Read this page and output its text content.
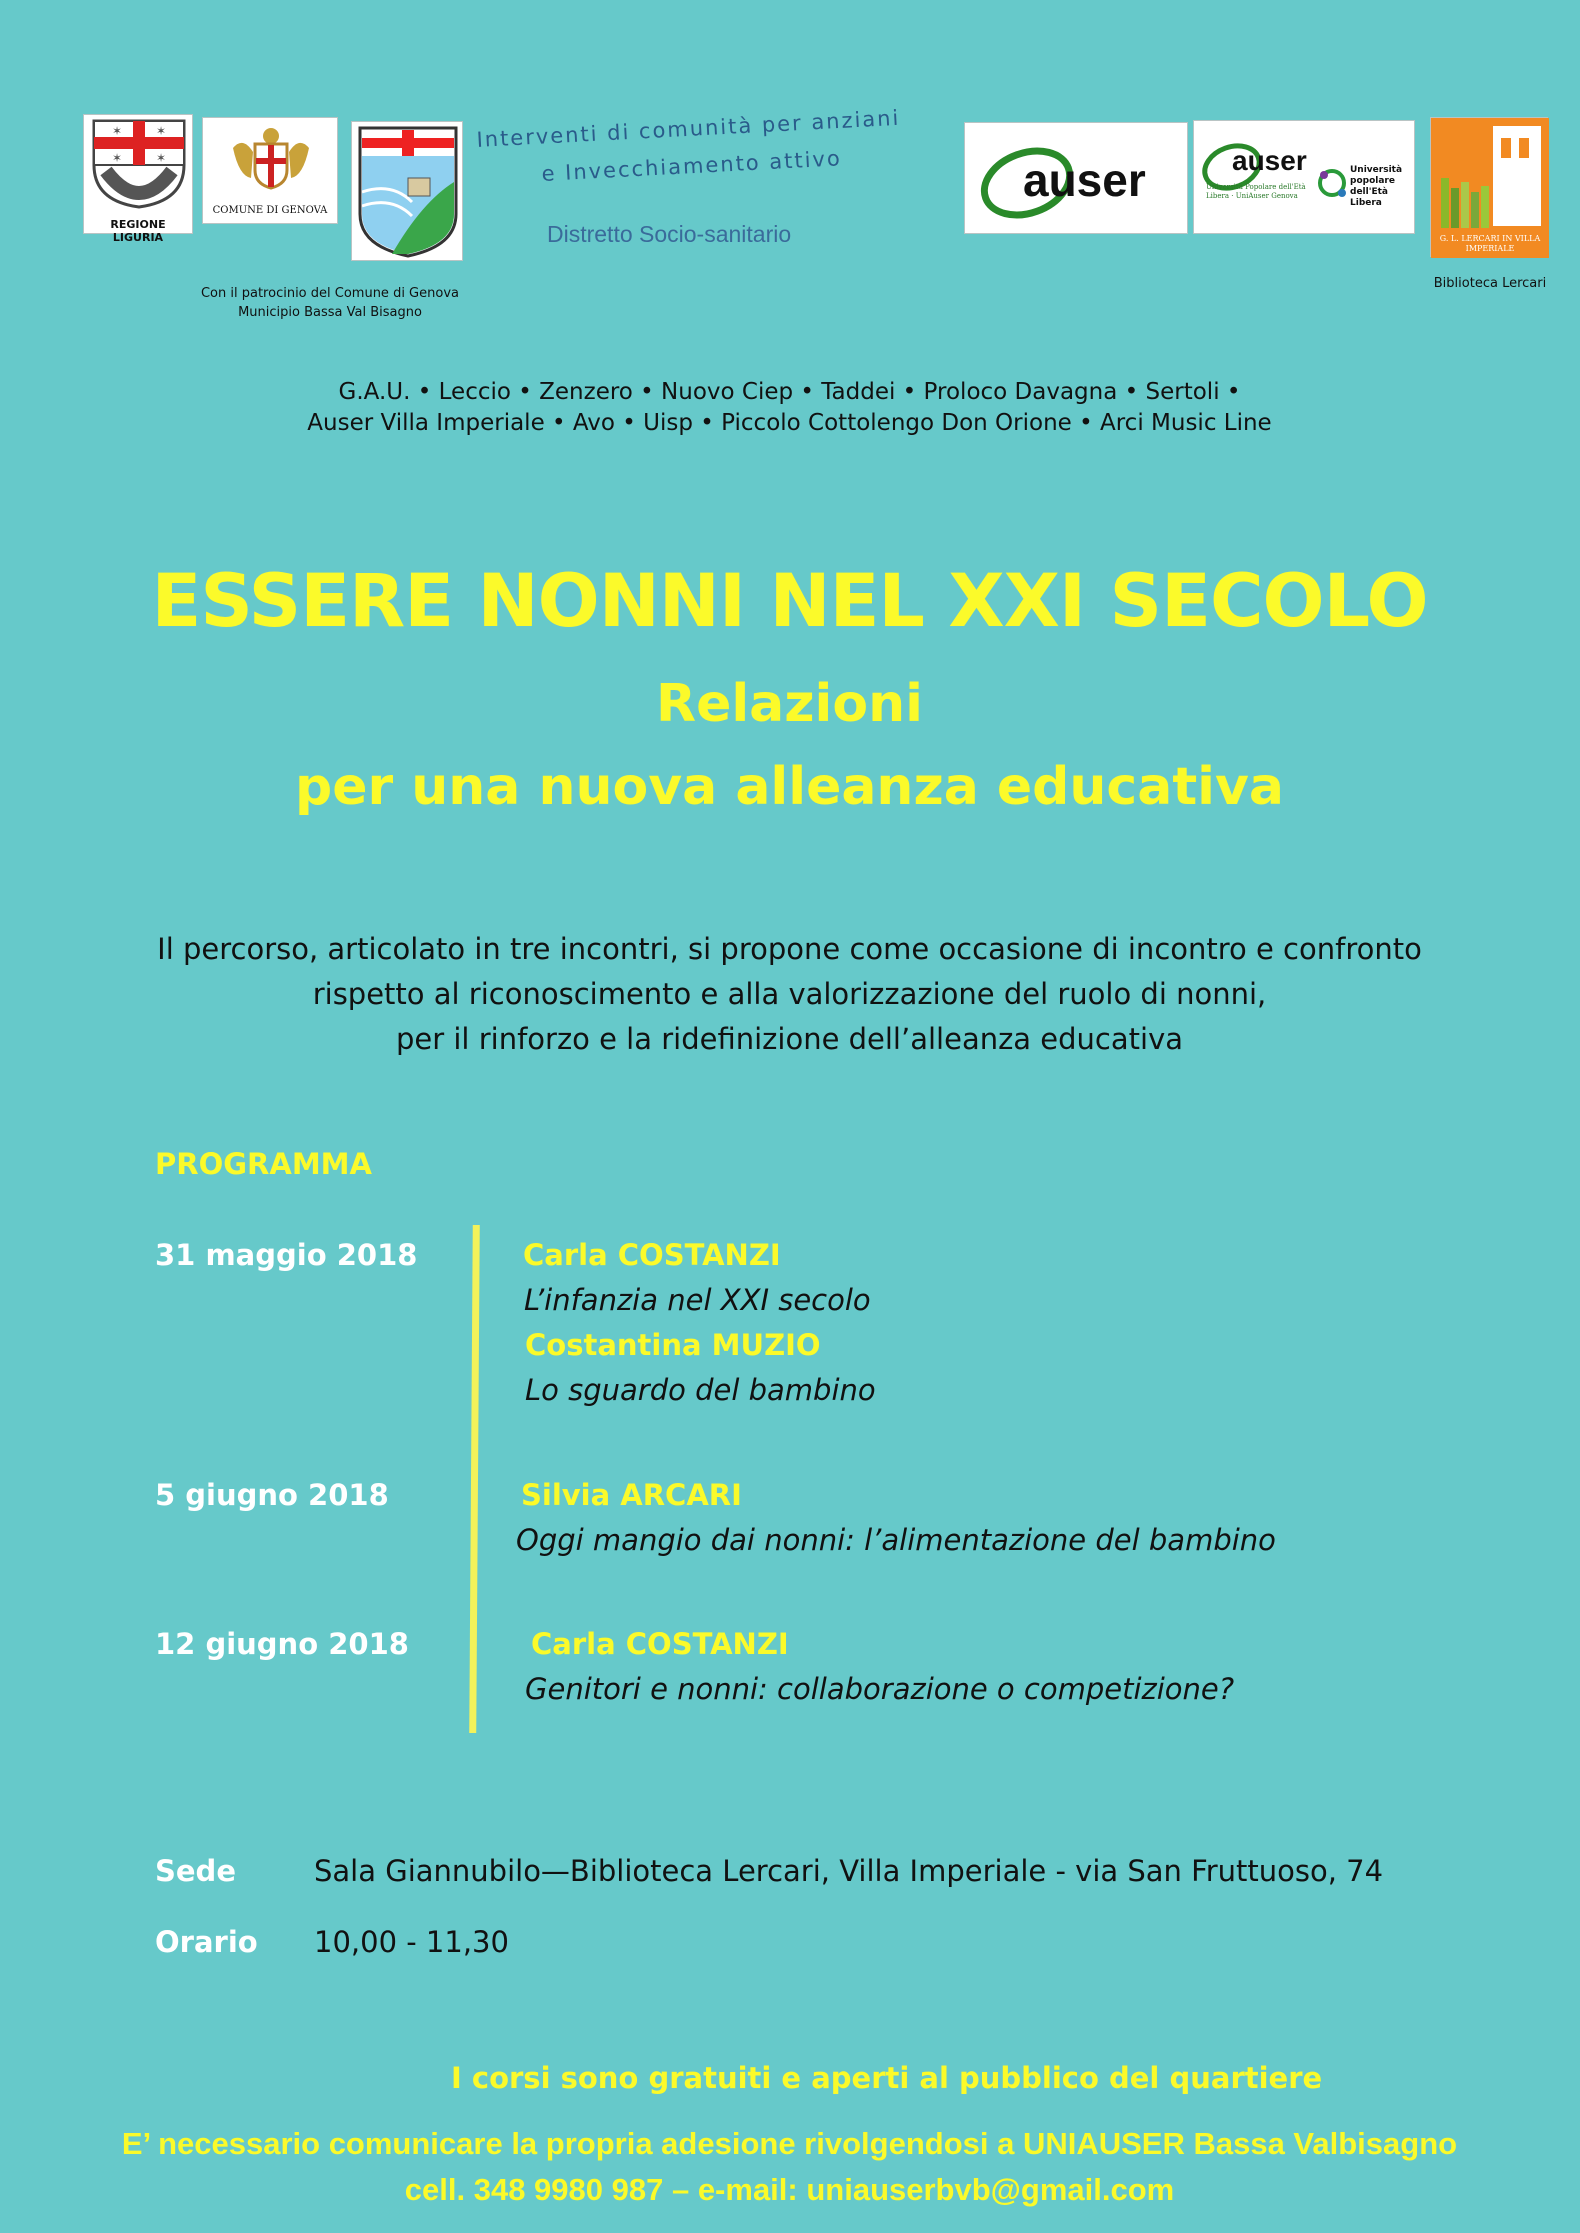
✶	✶
✶	✶
REGIONE LIGURIA
COMUNE DI GENOVA
Interventi di comunità per anziani
e Invecchiamento attivo
Distretto Socio-sanitario
Con il patrocinio del Comune di Genova
Municipio Bassa Val Bisagno
auser	auser
Università Popolare dell'Età Libera · UniAuser Genova
Università popolare dell'Età Libera
G. L. LERCARI IN VILLA IMPERIALE
Biblioteca Lercari
G.A.U. • Leccio • Zenzero • Nuovo Ciep • Taddei • Proloco Davagna • Sertoli •
Auser Villa Imperiale • Avo • Uisp • Piccolo Cottolengo Don Orione • Arci Music Line
ESSERE NONNI NEL XXI SECOLO
Relazioni
per una nuova alleanza educativa
Il percorso, articolato in tre incontri, si propone come occasione di incontro e confronto
rispetto al riconoscimento e alla valorizzazione del ruolo di nonni,
per il rinforzo e la ridefinizione dell’alleanza educativa
PROGRAMMA
31 maggio 2018	Carla COSTANZI
L’infanzia nel XXI secolo
Costantina MUZIO
Lo sguardo del bambino
5 giugno 2018	Silvia ARCARI
Oggi mangio dai nonni: l’alimentazione del bambino
12 giugno 2018	Carla COSTANZI
Genitori e nonni: collaborazione o competizione?
Sede	Sala Giannubilo—Biblioteca Lercari, Villa Imperiale - via San Fruttuoso, 74
Orario 10,00 - 11,30
I corsi sono gratuiti e aperti al pubblico del quartiere
E’ necessario comunicare la propria adesione rivolgendosi a UNIAUSER Bassa Valbisagno
cell. 348 9980 987 – e-mail: uniauserbvb@gmail.com
